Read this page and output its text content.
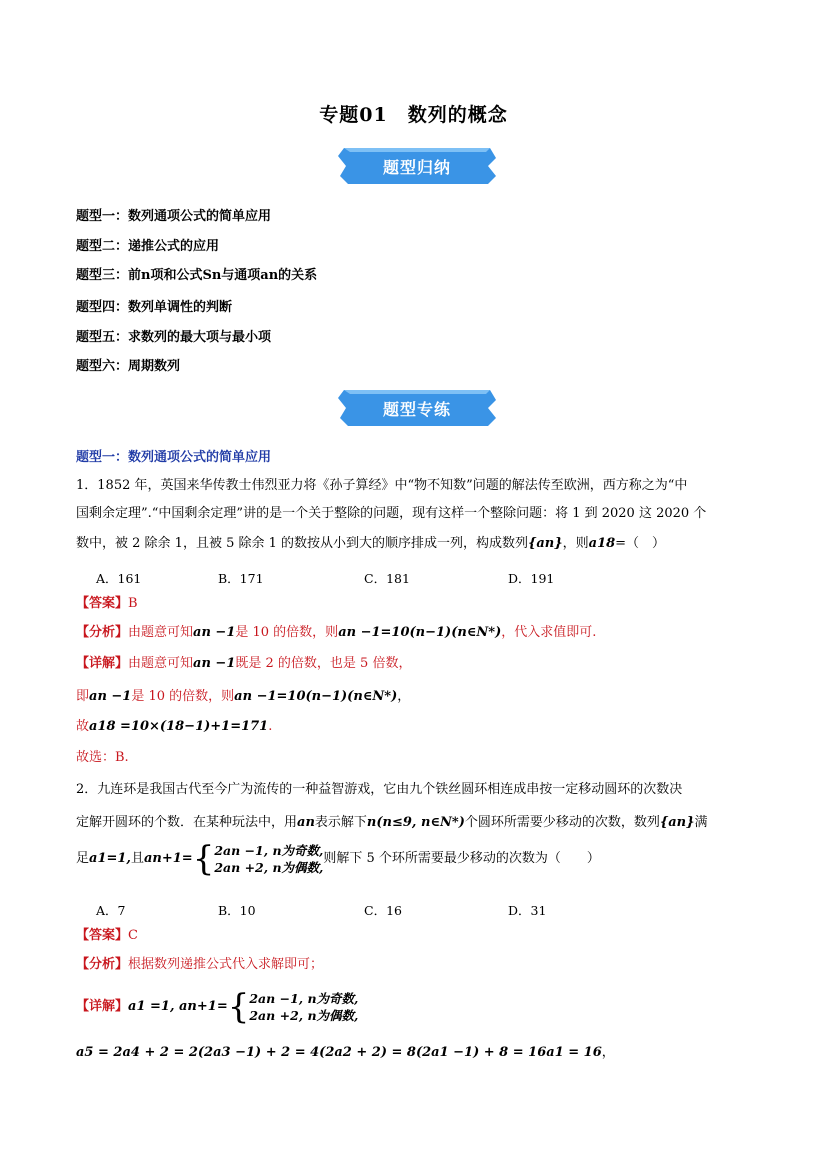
专题01　数列的概念
题型归纳
题型一：数列通项公式的简单应用
题型二：递推公式的应用
题型三：前n项和公式Sn与通项an的关系
题型四：数列单调性的判断
题型五：求数列的最大项与最小项
题型六：周期数列
题型专练
题型一：数列通项公式的简单应用
1．1852 年，英国来华传教士伟烈亚力将《孙子算经》中“物不知数”问题的解法传至欧洲，西方称之为“中
国剩余定理”.“中国剩余定理”讲的是一个关于整除的问题，现有这样一个整除问题：将 1 到 2020 这 2020 个
数中，被 2 除余 1，且被 5 除余 1 的数按从小到大的顺序排成一列，构成数列{an}，则a18=（　）
A．161	B．171	C．181	D．191
【答案】B
【分析】由题意可知an −1是 10 的倍数，则an −1=10(n−1)(n∈N*)，代入求值即可.
【详解】由题意可知an −1既是 2 的倍数，也是 5 倍数，
即an −1是 10 的倍数，则an −1=10(n−1)(n∈N*)，
故a18 =10×(18−1)+1=171.
故选：B.
2．九连环是我国古代至今广为流传的一种益智游戏，它由九个铁丝圆环相连成串按一定移动圆环的次数决
定解开圆环的个数．在某种玩法中，用an表示解下n(n≤9, n∈N*)个圆环所需要少移动的次数，数列{an}满
足a1=1,且an+1={2an −1, n为奇数,
2an +2, n为偶数,则解下 5 个环所需要最少移动的次数为（　　）
A．7	B．10	C．16	D．31
【答案】C
【分析】根据数列递推公式代入求解即可；
【详解】a1 =1, an+1={2an −1, n为奇数,
2an +2, n为偶数,
a5 = 2a4 + 2 = 2(2a3 −1) + 2 = 4(2a2 + 2) = 8(2a1 −1) + 8 = 16a1 = 16，
